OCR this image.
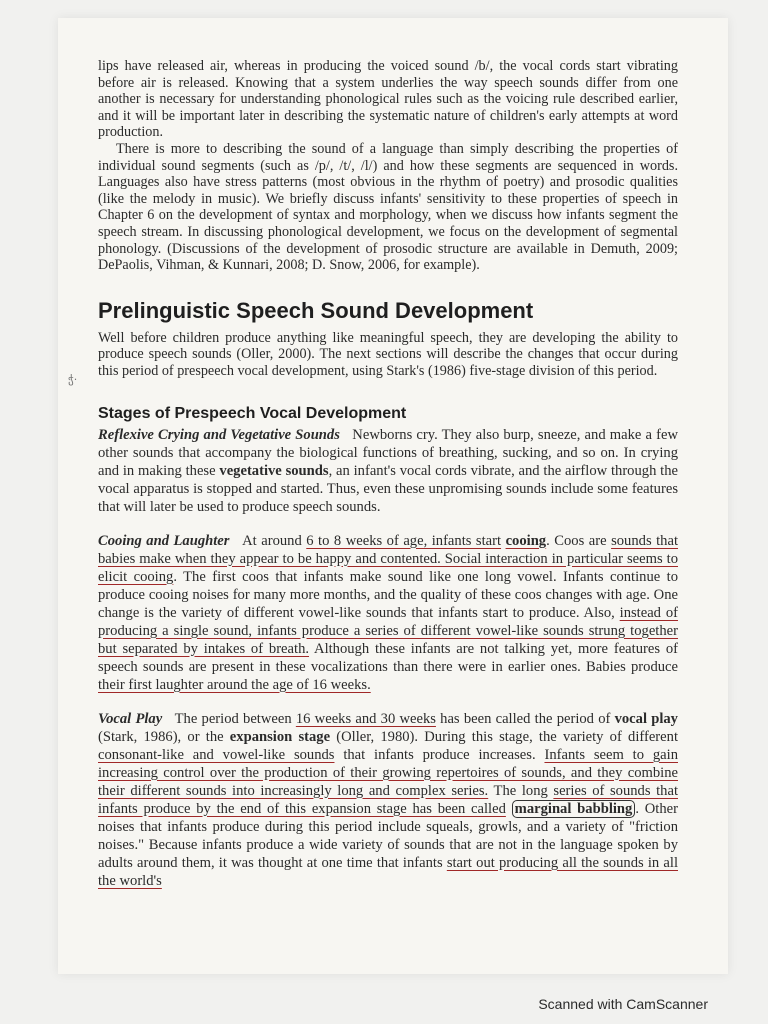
ჭ·

lips have released air, whereas in producing the voiced sound /b/, the vocal cords start vibrating before air is released. Knowing that a system underlies the way speech sounds differ from one another is necessary for understanding phonological rules such as the voicing rule described earlier, and it will be important later in describing the systematic nature of children's early attempts at word production.

There is more to describing the sound of a language than simply describing the properties of individual sound segments (such as /p/, /t/, /l/) and how these segments are sequenced in words. Languages also have stress patterns (most obvious in the rhythm of poetry) and prosodic qualities (like the melody in music). We briefly discuss infants' sensitivity to these properties of speech in Chapter 6 on the development of syntax and morphology, when we discuss how infants segment the speech stream. In discussing phonological development, we focus on the development of segmental phonology. (Discussions of the development of prosodic structure are available in Demuth, 2009; DePaolis, Vihman, & Kunnari, 2008; D. Snow, 2006, for example).

Prelinguistic Speech Sound Development

Well before children produce anything like meaningful speech, they are developing the ability to produce speech sounds (Oller, 2000). The next sections will describe the changes that occur during this period of prespeech vocal development, using Stark's (1986) five-stage division of this period.

Stages of Prespeech Vocal Development

Reflexive Crying and Vegetative Sounds Newborns cry. They also burp, sneeze, and make a few other sounds that accompany the biological functions of breathing, sucking, and so on. In crying and in making these vegetative sounds, an infant's vocal cords vibrate, and the airflow through the vocal apparatus is stopped and started. Thus, even these unpromising sounds include some features that will later be used to produce speech sounds.

Cooing and Laughter At around 6 to 8 weeks of age, infants start cooing. Coos are sounds that babies make when they appear to be happy and contented. Social interaction in particular seems to elicit cooing. The first coos that infants make sound like one long vowel. Infants continue to produce cooing noises for many more months, and the quality of these coos changes with age. One change is the variety of different vowel-like sounds that infants start to produce. Also, instead of producing a single sound, infants produce a series of different vowel-like sounds strung together but separated by intakes of breath. Although these infants are not talking yet, more features of speech sounds are present in these vocalizations than there were in earlier ones. Babies produce their first laughter around the age of 16 weeks.

Vocal Play The period between 16 weeks and 30 weeks has been called the period of vocal play (Stark, 1986), or the expansion stage (Oller, 1980). During this stage, the variety of different consonant-like and vowel-like sounds that infants produce increases. Infants seem to gain increasing control over the production of their growing repertoires of sounds, and they combine their different sounds into increasingly long and complex series. The long series of sounds that infants produce by the end of this expansion stage has been called marginal babbling . Other noises that infants produce during this period include squeals, growls, and a variety of "friction noises." Because infants produce a wide variety of sounds that are not in the language spoken by adults around them, it was thought at one time that infants start out producing all the sounds in all the world's

Scanned with CamScanner
